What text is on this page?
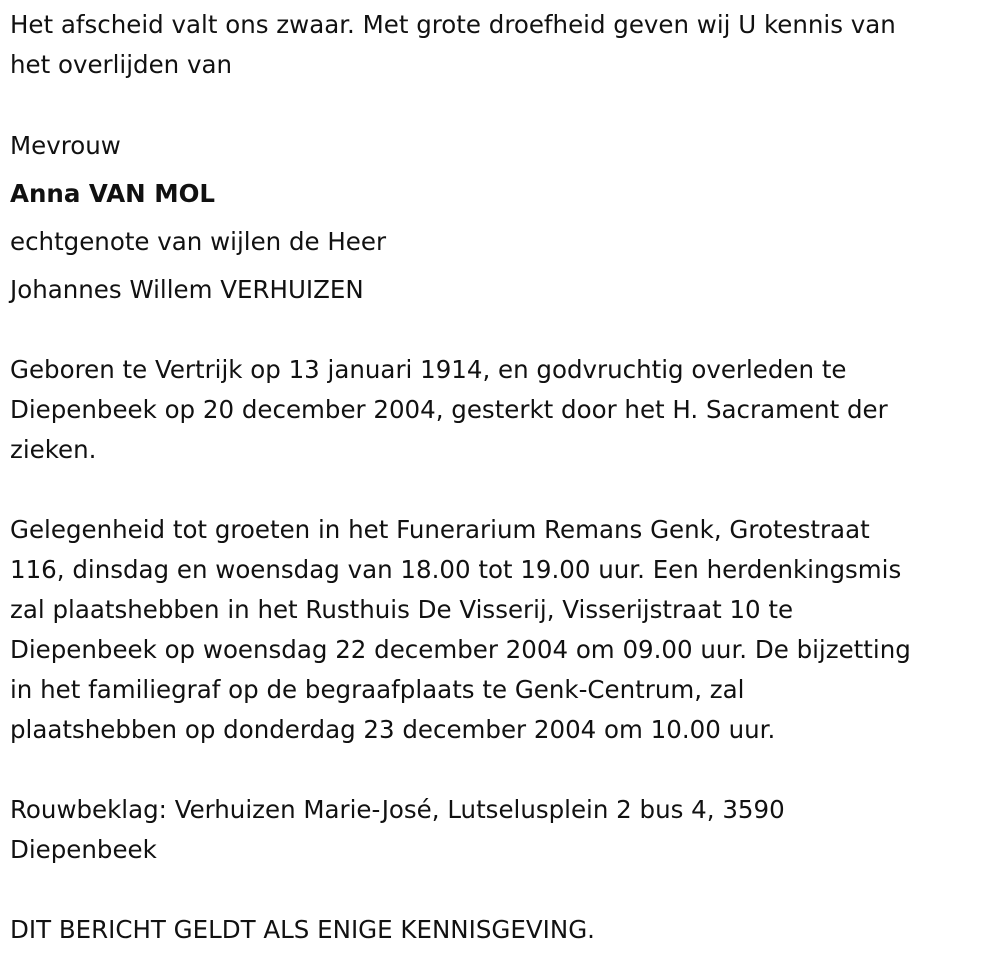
Het afscheid valt ons zwaar. Met grote droefheid geven wij U kennis van
het overlijden van

Mevrouw

Anna VAN MOL

echtgenote van wijlen de Heer

Johannes Willem VERHUIZEN

Geboren te Vertrijk op 13 januari 1914, en godvruchtig overleden te
Diepenbeek op 20 december 2004, gesterkt door het H. Sacrament der
zieken.

Gelegenheid tot groeten in het Funerarium Remans Genk, Grotestraat
116, dinsdag en woensdag van 18.00 tot 19.00 uur. Een herdenkingsmis
zal plaatshebben in het Rusthuis De Visserij, Visserijstraat 10 te
Diepenbeek op woensdag 22 december 2004 om 09.00 uur. De bijzetting
in het familiegraf op de begraafplaats te Genk-Centrum, zal
plaatshebben op donderdag 23 december 2004 om 10.00 uur.

Rouwbeklag: Verhuizen Marie-José, Lutselusplein 2 bus 4, 3590
Diepenbeek

DIT BERICHT GELDT ALS ENIGE KENNISGEVING.
